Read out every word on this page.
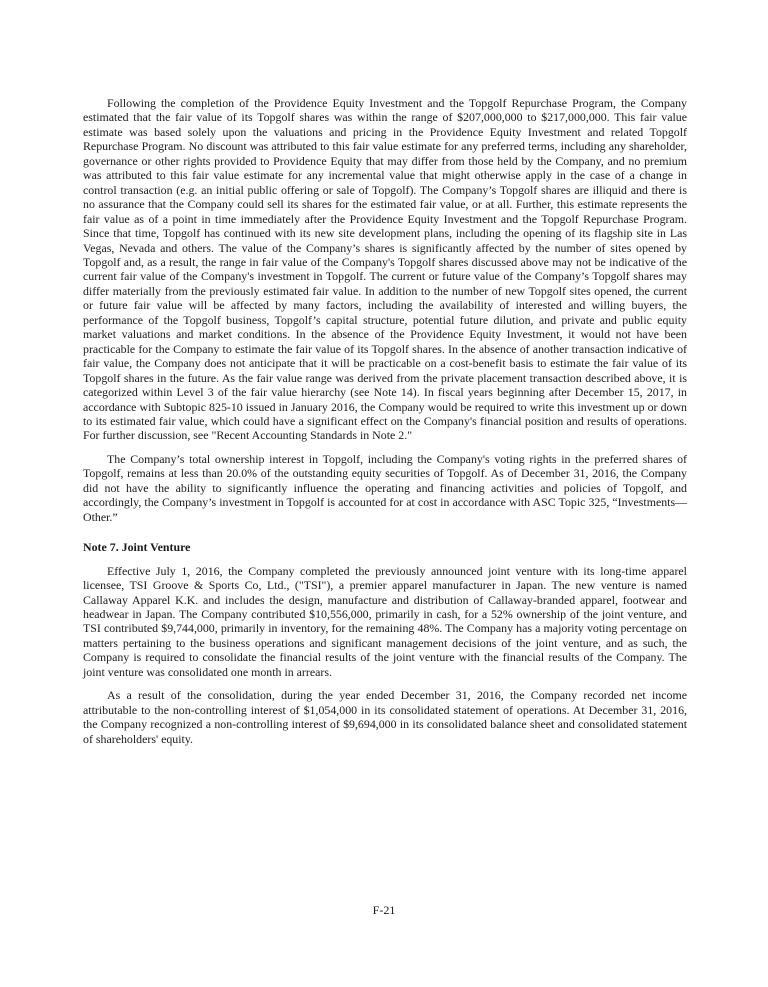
Following the completion of the Providence Equity Investment and the Topgolf Repurchase Program, the Company estimated that the fair value of its Topgolf shares was within the range of $207,000,000 to $217,000,000. This fair value estimate was based solely upon the valuations and pricing in the Providence Equity Investment and related Topgolf Repurchase Program. No discount was attributed to this fair value estimate for any preferred terms, including any shareholder, governance or other rights provided to Providence Equity that may differ from those held by the Company, and no premium was attributed to this fair value estimate for any incremental value that might otherwise apply in the case of a change in control transaction (e.g. an initial public offering or sale of Topgolf). The Company’s Topgolf shares are illiquid and there is no assurance that the Company could sell its shares for the estimated fair value, or at all. Further, this estimate represents the fair value as of a point in time immediately after the Providence Equity Investment and the Topgolf Repurchase Program. Since that time, Topgolf has continued with its new site development plans, including the opening of its flagship site in Las Vegas, Nevada and others. The value of the Company’s shares is significantly affected by the number of sites opened by Topgolf and, as a result, the range in fair value of the Company's Topgolf shares discussed above may not be indicative of the current fair value of the Company's investment in Topgolf. The current or future value of the Company’s Topgolf shares may differ materially from the previously estimated fair value. In addition to the number of new Topgolf sites opened, the current or future fair value will be affected by many factors, including the availability of interested and willing buyers, the performance of the Topgolf business, Topgolf’s capital structure, potential future dilution, and private and public equity market valuations and market conditions. In the absence of the Providence Equity Investment, it would not have been practicable for the Company to estimate the fair value of its Topgolf shares. In the absence of another transaction indicative of fair value, the Company does not anticipate that it will be practicable on a cost-benefit basis to estimate the fair value of its Topgolf shares in the future. As the fair value range was derived from the private placement transaction described above, it is categorized within Level 3 of the fair value hierarchy (see Note 14). In fiscal years beginning after December 15, 2017, in accordance with Subtopic 825-10 issued in January 2016, the Company would be required to write this investment up or down to its estimated fair value, which could have a significant effect on the Company's financial position and results of operations. For further discussion, see "Recent Accounting Standards in Note 2."

The Company’s total ownership interest in Topgolf, including the Company's voting rights in the preferred shares of Topgolf, remains at less than 20.0% of the outstanding equity securities of Topgolf. As of December 31, 2016, the Company did not have the ability to significantly influence the operating and financing activities and policies of Topgolf, and accordingly, the Company’s investment in Topgolf is accounted for at cost in accordance with ASC Topic 325, “Investments—Other.”

Note 7. Joint Venture

Effective July 1, 2016, the Company completed the previously announced joint venture with its long-time apparel licensee, TSI Groove & Sports Co, Ltd., ("TSI"), a premier apparel manufacturer in Japan. The new venture is named Callaway Apparel K.K. and includes the design, manufacture and distribution of Callaway-branded apparel, footwear and headwear in Japan. The Company contributed $10,556,000, primarily in cash, for a 52% ownership of the joint venture, and TSI contributed $9,744,000, primarily in inventory, for the remaining 48%. The Company has a majority voting percentage on matters pertaining to the business operations and significant management decisions of the joint venture, and as such, the Company is required to consolidate the financial results of the joint venture with the financial results of the Company. The joint venture was consolidated one month in arrears.

As a result of the consolidation, during the year ended December 31, 2016, the Company recorded net income attributable to the non-controlling interest of $1,054,000 in its consolidated statement of operations. At December 31, 2016, the Company recognized a non-controlling interest of $9,694,000 in its consolidated balance sheet and consolidated statement of shareholders' equity.

F-21
